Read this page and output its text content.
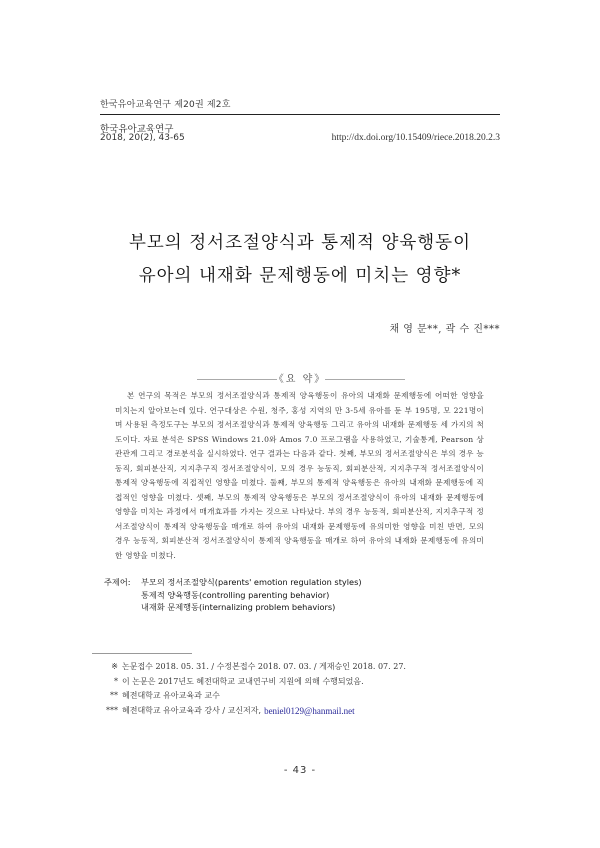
한국유아교육연구 제20권 제2호
한국유아교육연구
2018, 20(2), 43-65	http://dx.doi.org/10.15409/riece.2018.20.2.3
부모의 정서조절양식과 통제적 양육행동이
유아의 내재화 문제행동에 미치는 영향*
채 영 문**, 곽 수 진***
《요 약》
본 연구의 목적은 부모의 정서조절양식과 통제적 양육행동이 유아의 내재화 문제행동에 어떠한 영향을 미치는지 알아보는데 있다. 연구대상은 수원, 청주, 홍성 지역의 만 3-5세 유아를 둔 부 195명, 모 221명이며 사용된 측정도구는 부모의 정서조절양식과 통제적 양육행동 그리고 유아의 내재화 문제행동 세 가지의 척도이다. 자료 분석은 SPSS Windows 21.0와 Amos 7.0 프로그램을 사용하였고, 기술통계, Pearson 상관관계 그리고 경로분석을 실시하였다. 연구 결과는 다음과 같다. 첫째, 부모의 정서조절양식은 부의 경우 능동직, 회피분산직, 지지추구직 정서조절양식이, 모의 경우 능동직, 회피분산적, 지지추구적 정서조절양식이 통제적 양육행동에 직접적인 영향을 미쳤다. 둘째, 부모의 통제적 양육행동은 유아의 내재화 문제행동에 직접적인 영향을 미쳤다. 셋째, 부모의 통제적 양육행동은 부모의 정서조절양식이 유아의 내재화 문제행동에 영향을 미치는 과정에서 매개효과를 가지는 것으로 나타났다. 부의 경우 능동적, 회피분산적, 지지추구적 정서조절양식이 통제적 양육행동을 매개로 하여 유아의 내재화 문제행동에 유의미한 영향을 미친 반면, 모의 경우 능동적, 회피분산적 정서조절양식이 통제적 양육행동을 매개로 하여 유아의 내재화 문제행동에 유의미한 영향을 미쳤다.
주제어:	부모의 정서조절양식(parents' emotion regulation styles)
통제적 양육행동(controlling parenting behavior)
내재화 문제행동(internalizing problem behaviors)
※ 논문접수 2018. 05. 31. / 수정본접수 2018. 07. 03. / 게재승인 2018. 07. 27.
* 이 논문은 2017년도 혜전대학교 교내연구비 지원에 의해 수행되었음.
** 혜전대학교 유아교육과 교수
*** 혜전대학교 유아교육과 강사 / 교신저자, beniel0129@hanmail.net
- 43 -
